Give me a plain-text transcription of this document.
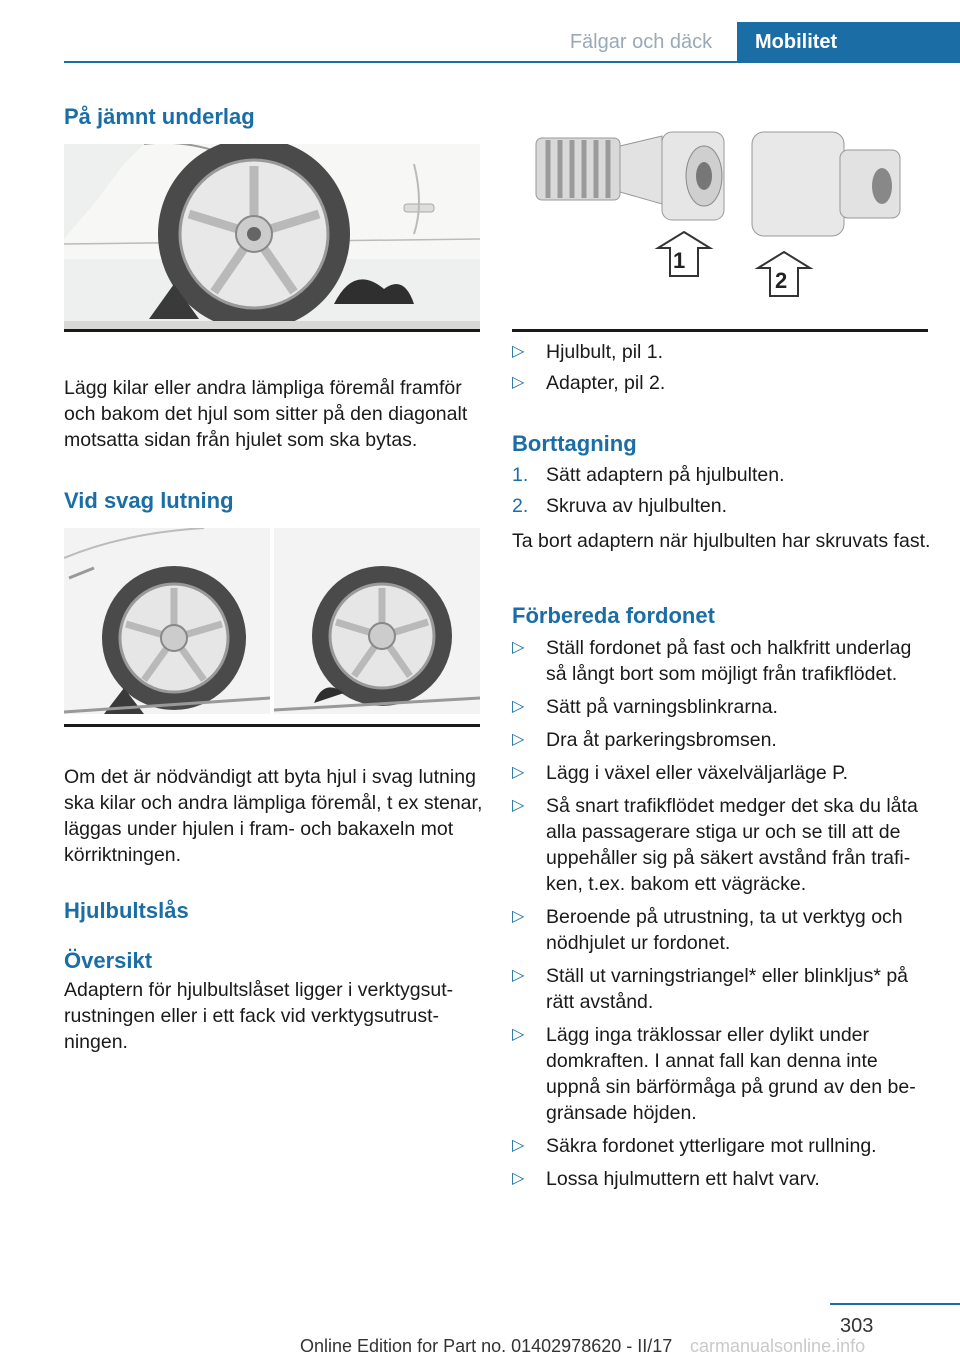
Fälgar och däck	Mobilitet
På jämnt underlag
Lägg kilar eller andra lämpliga föremål framför och bakom det hjul som sitter på den diagonalt motsatta sidan från hjulet som ska bytas.
Vid svag lutning
Om det är nödvändigt att byta hjul i svag lutning ska kilar och andra lämpliga föremål, t ex stenar, läggas under hjulen i fram- och bakaxeln mot körriktningen.
Hjulbultslås
Översikt
Adaptern för hjulbultslåset ligger i verktygsutrustningen eller i ett fack vid verktygsutrustningen.
1
2
▷ Hjulbult, pil 1.
▷ Adapter, pil 2.
Borttagning
1. Sätt adaptern på hjulbulten.
2. Skruva av hjulbulten.
Ta bort adaptern när hjulbulten har skruvats fast.
Förbereda fordonet
▷ Ställ fordonet på fast och halkfritt underlag så långt bort som möjligt från trafikflödet.
▷ Sätt på varningsblinkrarna.
▷ Dra åt parkeringsbromsen.
▷ Lägg i växel eller växelväljarläge P.
▷ Så snart trafikflödet medger det ska du låta alla passagerare stiga ur och se till att de uppehåller sig på säkert avstånd från trafiken, t.ex. bakom ett vägräcke.
▷ Beroende på utrustning, ta ut verktyg och nödhjulet ur fordonet.
▷ Ställ ut varningstriangel* eller blinkljus* på rätt avstånd.
▷ Lägg inga träklossar eller dylikt under domkraften. I annat fall kan denna inte uppnå sin bärförmåga på grund av den begränsade höjden.
▷ Säkra fordonet ytterligare mot rullning.
▷ Lossa hjulmuttern ett halvt varv.
303
Online Edition for Part no. 01402978620 - II/17 carmanualsonline.info
